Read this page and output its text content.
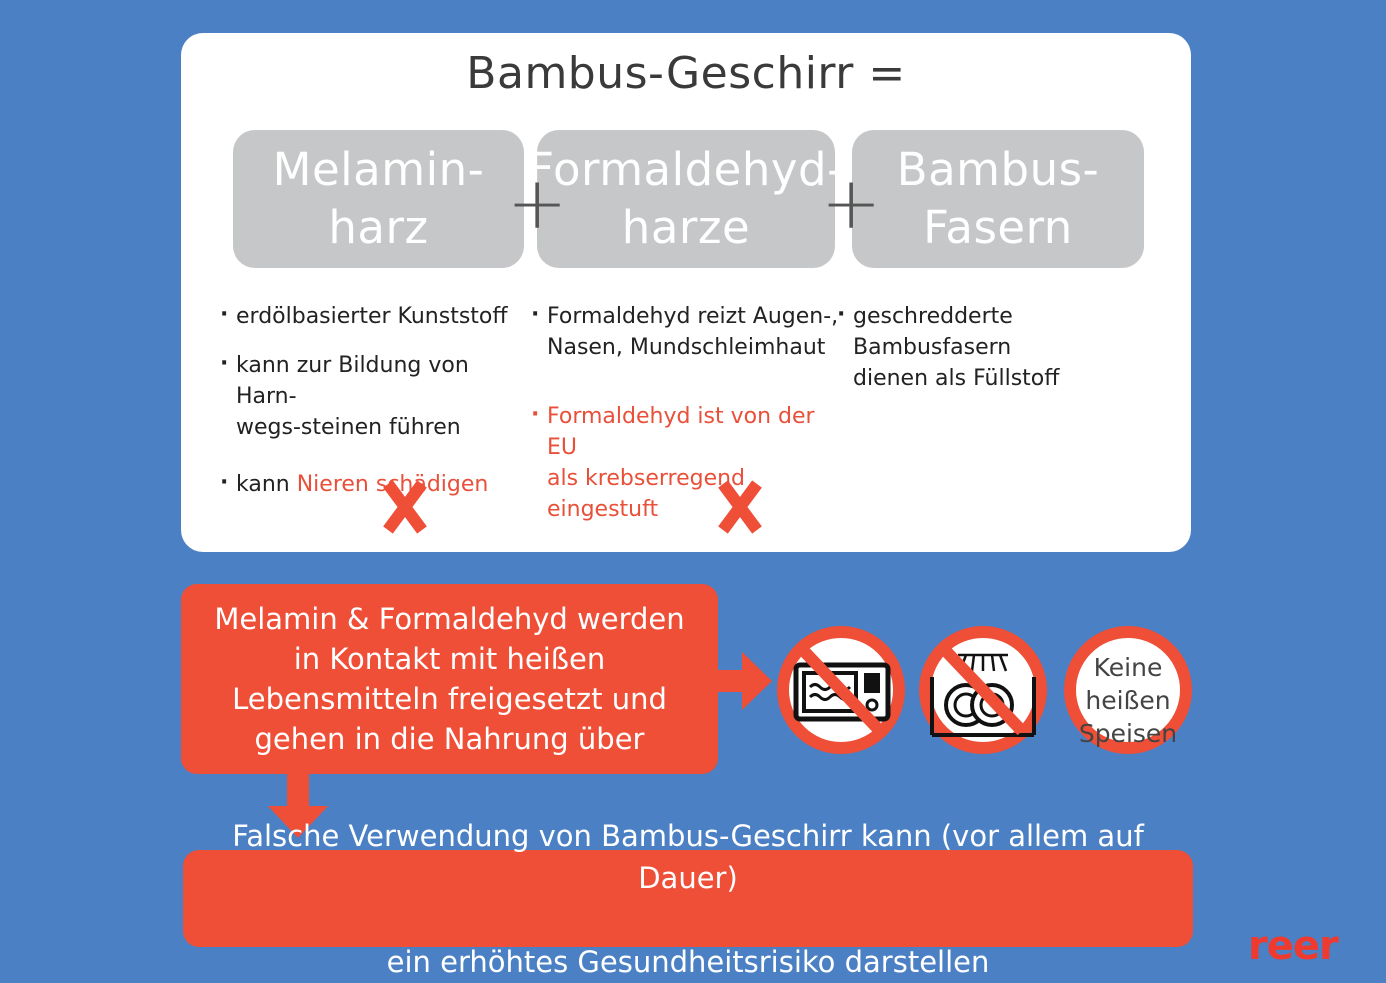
Bambus-Geschirr =
Melamin-
harz
Formaldehyd-
harze
Bambus-
Fasern
+	+
· erdölbasierter Kunststoff
· kann zur Bildung von Harn-
wegs-steinen führen
· kann Nieren schädigen
· Formaldehyd reizt Augen-,
Nasen, Mundschleimhaut
· Formaldehyd ist von der EU
als krebserregend eingestuft
· geschredderte Bambusfasern
dienen als Füllstoff
Melamin & Formaldehyd werden in Kontakt mit heißen Lebensmitteln freigesetzt und gehen in die Nahrung über
Keine
heißen
Speisen
Falsche Verwendung von Bambus-Geschirr kann (vor allem auf Dauer)

ein erhöhtes Gesundheitsrisiko darstellen	reer
